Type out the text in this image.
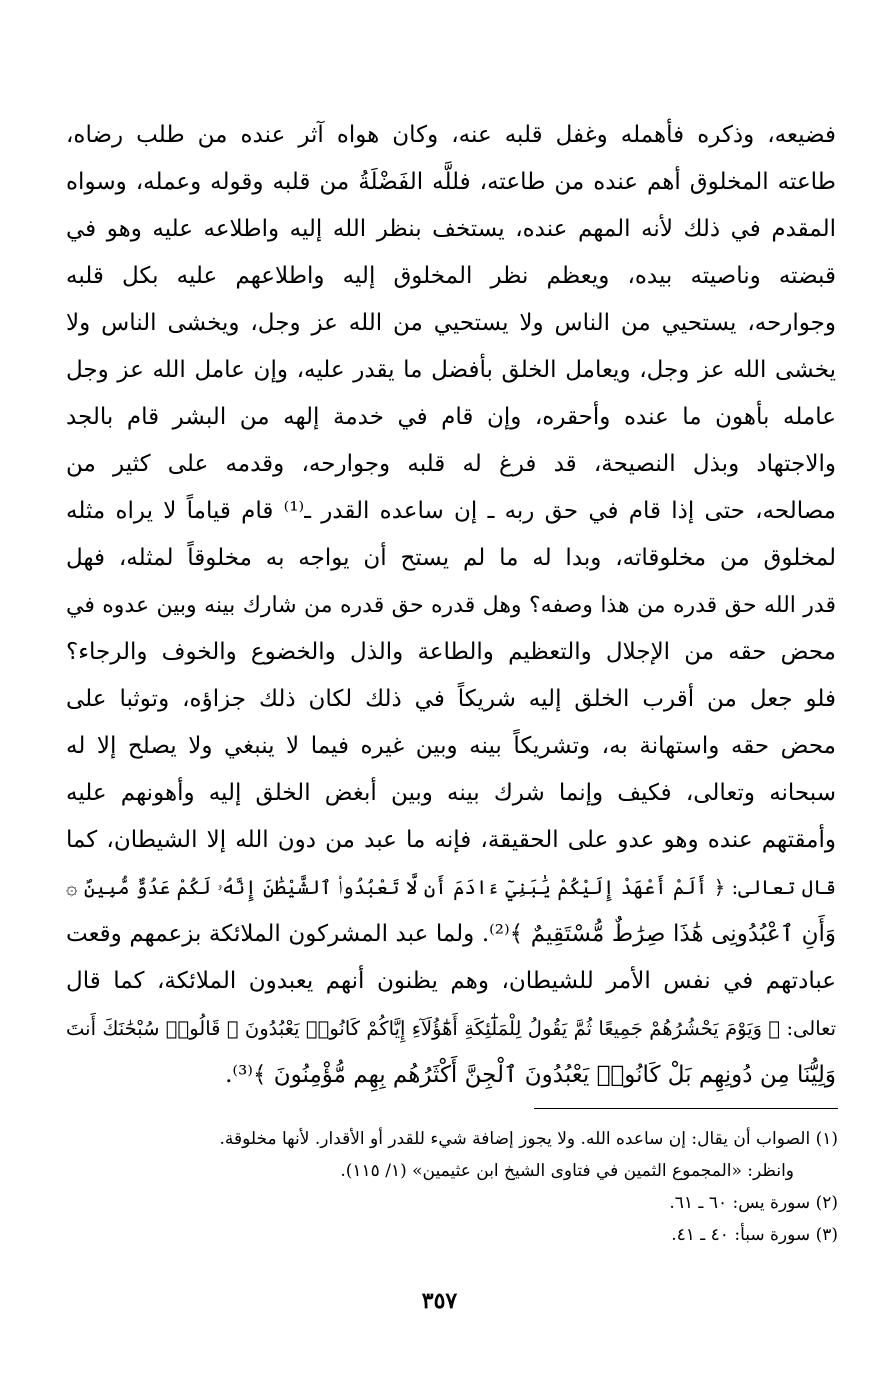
فضيعه، وذكره فأهمله وغفل قلبه عنه، وكان هواه آثر عنده من طلب رضاه،
طاعته المخلوق أهم عنده من طاعته، فللَّه الفَضْلَةُ من قلبه وقوله وعمله، وسواه
المقدم في ذلك لأنه المهم عنده، يستخف بنظر الله إليه واطلاعه عليه وهو في
قبضته وناصيته بيده، ويعظم نظر المخلوق إليه واطلاعهم عليه بكل قلبه
وجوارحه، يستحيي من الناس ولا يستحيي من الله عز وجل، ويخشى الناس ولا
يخشى الله عز وجل، ويعامل الخلق بأفضل ما يقدر عليه، وإن عامل الله عز وجل
عامله بأهون ما عنده وأحقره، وإن قام في خدمة إلهه من البشر قام بالجد
والاجتهاد وبذل النصيحة، قد فرغ له قلبه وجوارحه، وقدمه على كثير من
مصالحه، حتى إذا قام في حق ربه ـ إن ساعده القدر ـ⁽¹⁾ قام قياماً لا يراه مثله
لمخلوق من مخلوقاته، وبدا له ما لم يستح أن يواجه به مخلوقاً لمثله، فهل
قدر الله حق قدره من هذا وصفه؟ وهل قدره حق قدره من شارك بينه وبين عدوه في
محض حقه من الإجلال والتعظيم والطاعة والذل والخضوع والخوف والرجاء؟
فلو جعل من أقرب الخلق إليه شريكاً في ذلك لكان ذلك جزاؤه، وتوثبا على
محض حقه واستهانة به، وتشريكاً بينه وبين غيره فيما لا ينبغي ولا يصلح إلا له
سبحانه وتعالى، فكيف وإنما شرك بينه وبين أبغض الخلق إليه وأهونهم عليه
وأمقتهم عنده وهو عدو على الحقيقة، فإنه ما عبد من دون الله إلا الشيطان، كما
قال تعالى: ﴿ أَلَمْ أَعْهَدْ إِلَيْكُمْ يَٰبَنِيٓ ءَادَمَ أَن لَّا تَعْبُدُوا۟ ٱلشَّيْطَٰنَ إِنَّهُۥ لَكُمْ عَدُوٌّ مُّبِينٌ ۞
وَأَنِ ٱعْبُدُونِى هَٰذَا صِرَٰطٌ مُّسْتَقِيمٌ ﴾⁽²⁾. ولما عبد المشركون الملائكة بزعمهم وقعت
عبادتهم في نفس الأمر للشيطان، وهم يظنون أنهم يعبدون الملائكة، كما قال
تعالى: ﴿ وَيَوْمَ يَحْشُرُهُمْ جَمِيعًا ثُمَّ يَقُولُ لِلْمَلَٰٓئِكَةِ أَهَٰٓؤُلَآءِ إِيَّاكُمْ كَانُوا۟ يَعْبُدُونَ ۞ قَالُوا۟ سُبْحَٰنَكَ أَنتَ
وَلِيُّنَا مِن دُونِهِم بَلْ كَانُوا۟ يَعْبُدُونَ ٱلْجِنَّ أَكْثَرُهُم بِهِم مُّؤْمِنُونَ ﴾⁽³⁾.
(١) الصواب أن يقال: إن ساعده الله. ولا يجوز إضافة شيء للقدر أو الأقدار. لأنها مخلوقة.
وانظر: «المجموع الثمين في فتاوى الشيخ ابن عثيمين» (١/ ١١٥).
(٢) سورة يس: ٦٠ ـ ٦١.
(٣) سورة سبأ: ٤٠ ـ ٤١.
٣٥٧
